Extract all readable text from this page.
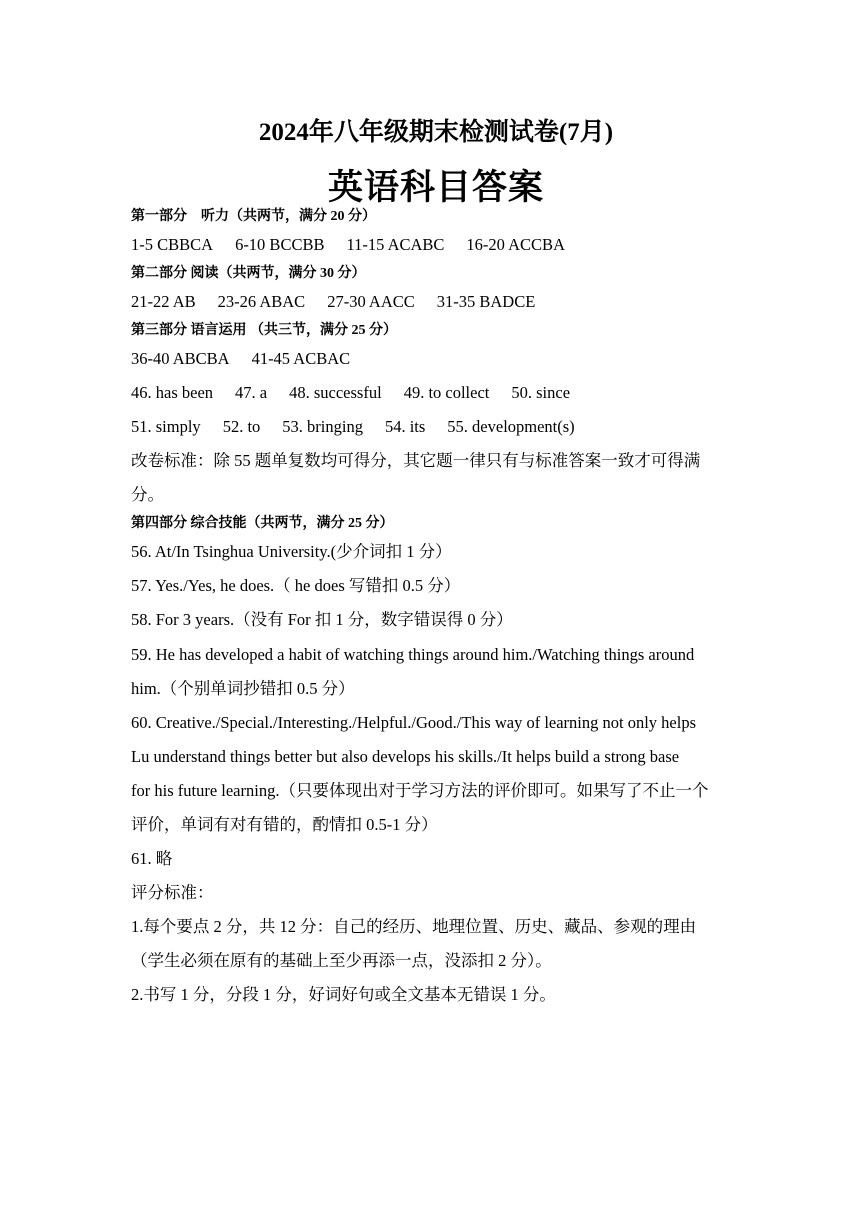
2024年八年级期末检测试卷(7月)
英语科目答案
第一部分　听力（共两节，满分 20 分）
1-5 CBBCA 6-10 BCCBB 11-15 ACABC 16-20 ACCBA
第二部分 阅读（共两节，满分 30 分）
21-22 AB 23-26 ABAC 27-30 AACC 31-35 BADCE
第三部分 语言运用 （共三节，满分 25 分）
36-40 ABCBA 41-45 ACBAC
46. has been 47. a 48. successful 49. to collect 50. since
51. simply 52. to 53. bringing 54. its 55. development(s)
改卷标准：除 55 题单复数均可得分，其它题一律只有与标准答案一致才可得满
分。
第四部分 综合技能（共两节，满分 25 分）
56. At/In Tsinghua University.(少介词扣 1 分）
57. Yes./Yes, he does.（ he does 写错扣 0.5 分）
58. For 3 years.（没有 For 扣 1 分，数字错误得 0 分）
59. He has developed a habit of watching things around him./Watching things around
him.（个别单词抄错扣 0.5 分）
60. Creative./Special./Interesting./Helpful./Good./This way of learning not only helps
Lu understand things better but also develops his skills./It helps build a strong base
for his future learning.（只要体现出对于学习方法的评价即可。如果写了不止一个
评价，单词有对有错的，酌情扣 0.5-1 分）
61. 略
评分标准：
1.每个要点 2 分，共 12 分：自己的经历、地理位置、历史、藏品、参观的理由
（学生必须在原有的基础上至少再添一点，没添扣 2 分）。
2.书写 1 分，分段 1 分，好词好句或全文基本无错误 1 分。
